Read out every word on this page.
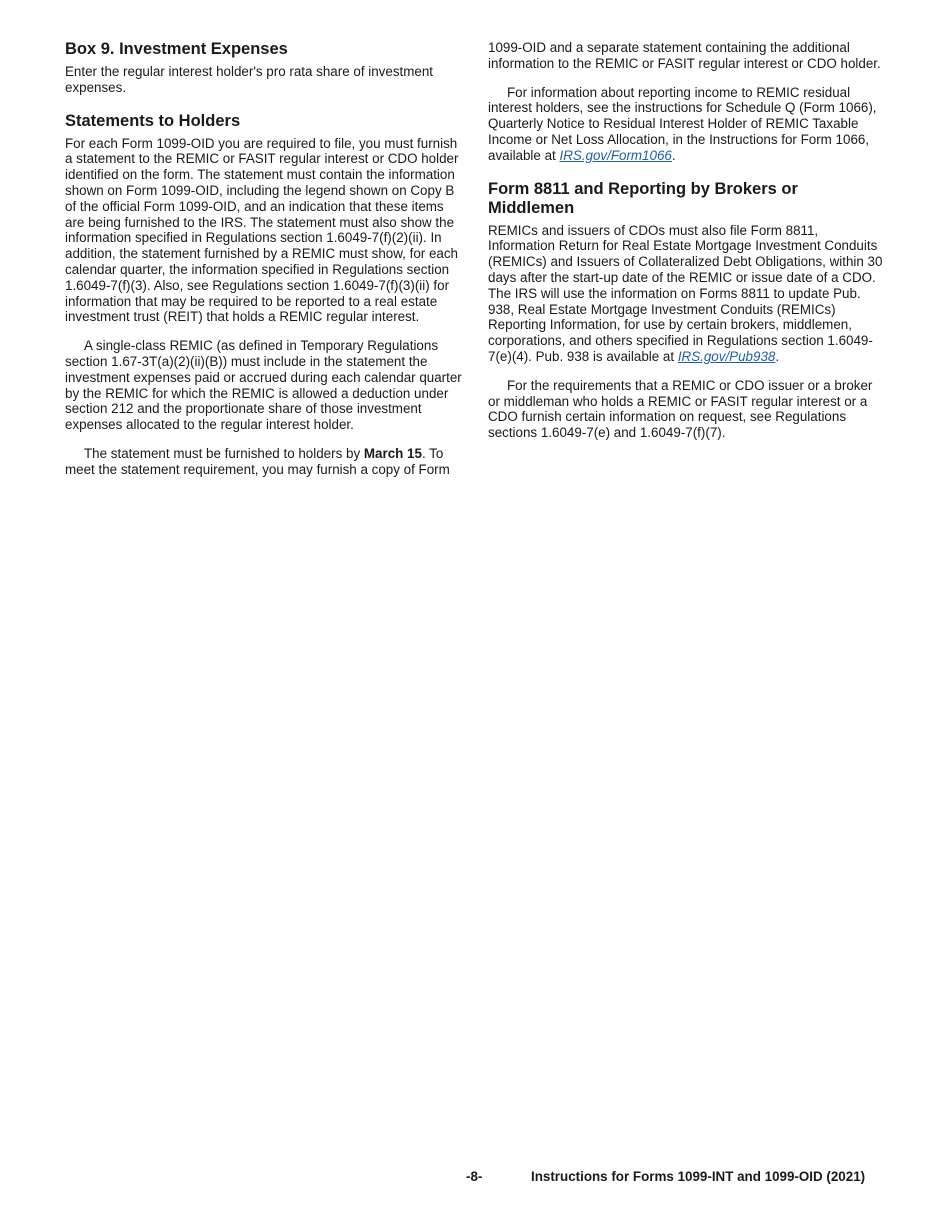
Box 9. Investment Expenses

Enter the regular interest holder's pro rata share of investment expenses.

Statements to Holders

For each Form 1099-OID you are required to file, you must furnish a statement to the REMIC or FASIT regular interest or CDO holder identified on the form. The statement must contain the information shown on Form 1099-OID, including the legend shown on Copy B of the official Form 1099-OID, and an indication that these items are being furnished to the IRS. The statement must also show the information specified in Regulations section 1.6049-7(f)(2)(ii). In addition, the statement furnished by a REMIC must show, for each calendar quarter, the information specified in Regulations section 1.6049-7(f)(3). Also, see Regulations section 1.6049-7(f)(3)(ii) for information that may be required to be reported to a real estate investment trust (REIT) that holds a REMIC regular interest.

A single-class REMIC (as defined in Temporary Regulations section 1.67-3T(a)(2)(ii)(B)) must include in the statement the investment expenses paid or accrued during each calendar quarter by the REMIC for which the REMIC is allowed a deduction under section 212 and the proportionate share of those investment expenses allocated to the regular interest holder.

The statement must be furnished to holders by March 15. To meet the statement requirement, you may furnish a copy of Form

1099-OID and a separate statement containing the additional information to the REMIC or FASIT regular interest or CDO holder.

For information about reporting income to REMIC residual interest holders, see the instructions for Schedule Q (Form 1066), Quarterly Notice to Residual Interest Holder of REMIC Taxable Income or Net Loss Allocation, in the Instructions for Form 1066, available at IRS.gov/Form1066.

Form 8811 and Reporting by Brokers or Middlemen

REMICs and issuers of CDOs must also file Form 8811, Information Return for Real Estate Mortgage Investment Conduits (REMICs) and Issuers of Collateralized Debt Obligations, within 30 days after the start-up date of the REMIC or issue date of a CDO. The IRS will use the information on Forms 8811 to update Pub. 938, Real Estate Mortgage Investment Conduits (REMICs) Reporting Information, for use by certain brokers, middlemen, corporations, and others specified in Regulations section 1.6049-7(e)(4). Pub. 938 is available at IRS.gov/Pub938.

For the requirements that a REMIC or CDO issuer or a broker or middleman who holds a REMIC or FASIT regular interest or a CDO furnish certain information on request, see Regulations sections 1.6049-7(e) and 1.6049-7(f)(7).

-8-	Instructions for Forms 1099-INT and 1099-OID (2021)
